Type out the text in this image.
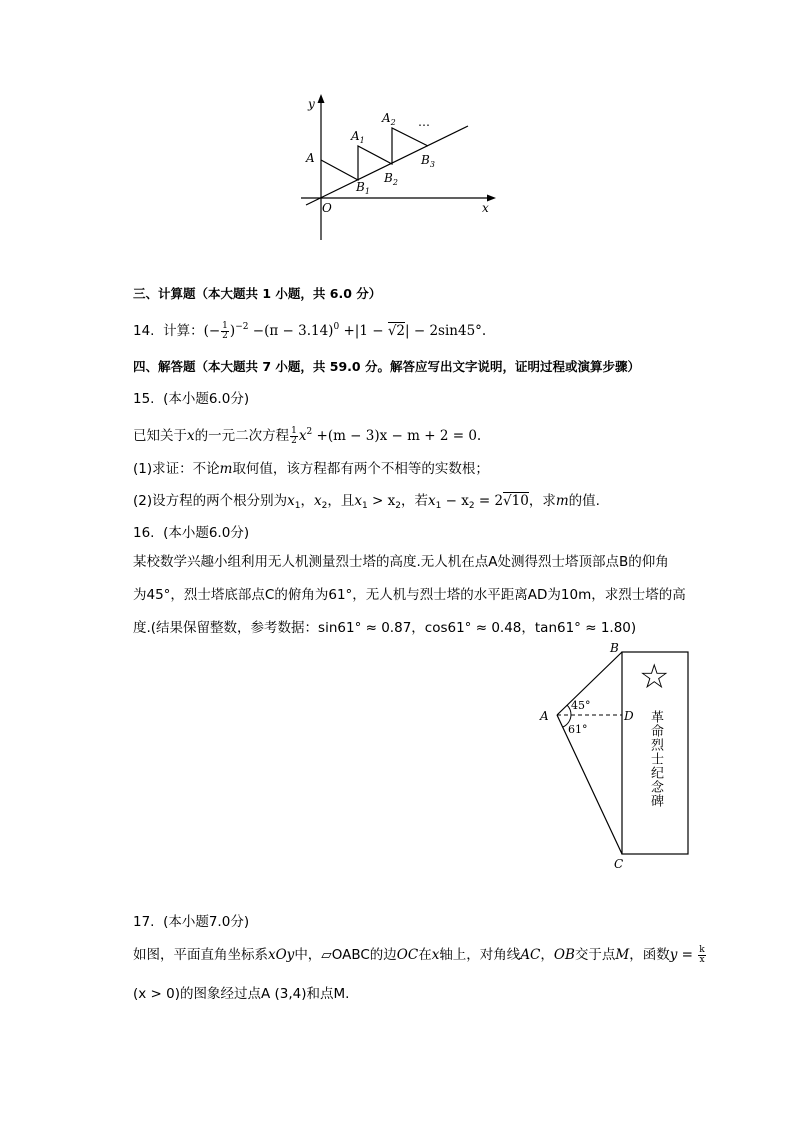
y
x
O
A
$A_1$
$A_2$
$B_1$
$B_2$
$B_3$
…
三、计算题（本大题共 1 小题，共 6.0 分）
14. 计算：(− $\frac{1}{2} )^{-2} -(\pi - 3.14)^0 +|1 - √2| - 2\sin 45^\circ$.
四、解答题（本大题共 7 小题，共 59.0 分。解答应写出文字说明，证明过程或演算步骤）
15. (本小题6.0分)
已知关于x的一元二次方程 $\frac{1}{2} x^2 +(m - 3)x - m + 2 = 0$.
(1)求证：不论m取何值，该方程都有两个不相等的实数根；
(2)设方程的两个根分别为$x_1$，$x_2$，且$x_1 > x_2$，若$x_1 - x_2 = 2√10$，求m的值.
16. (本小题6.0分)
某校数学兴趣小组利用无人机测量烈士塔的高度.无人机在点A处测得烈士塔顶部点B的仰角
为45°，烈士塔底部点C的俯角为61°，无人机与烈士塔的水平距离AD为10m，求烈士塔的高
度.(结果保留整数，参考数据：sin61° ≈ 0.87，cos61° ≈ 0.48，tan61° ≈ 1.80)
B
A	D
C
45°
61°
☆
革命烈士纪念碑
17. (本小题7.0分)
如图，平面直角坐标系xOy中，▱OABC的边OC在x轴上，对角线AC，OB交于点M，函数$y = \frac{k}{x}$
(x > 0)的图象经过点A (3,4)和点M.
